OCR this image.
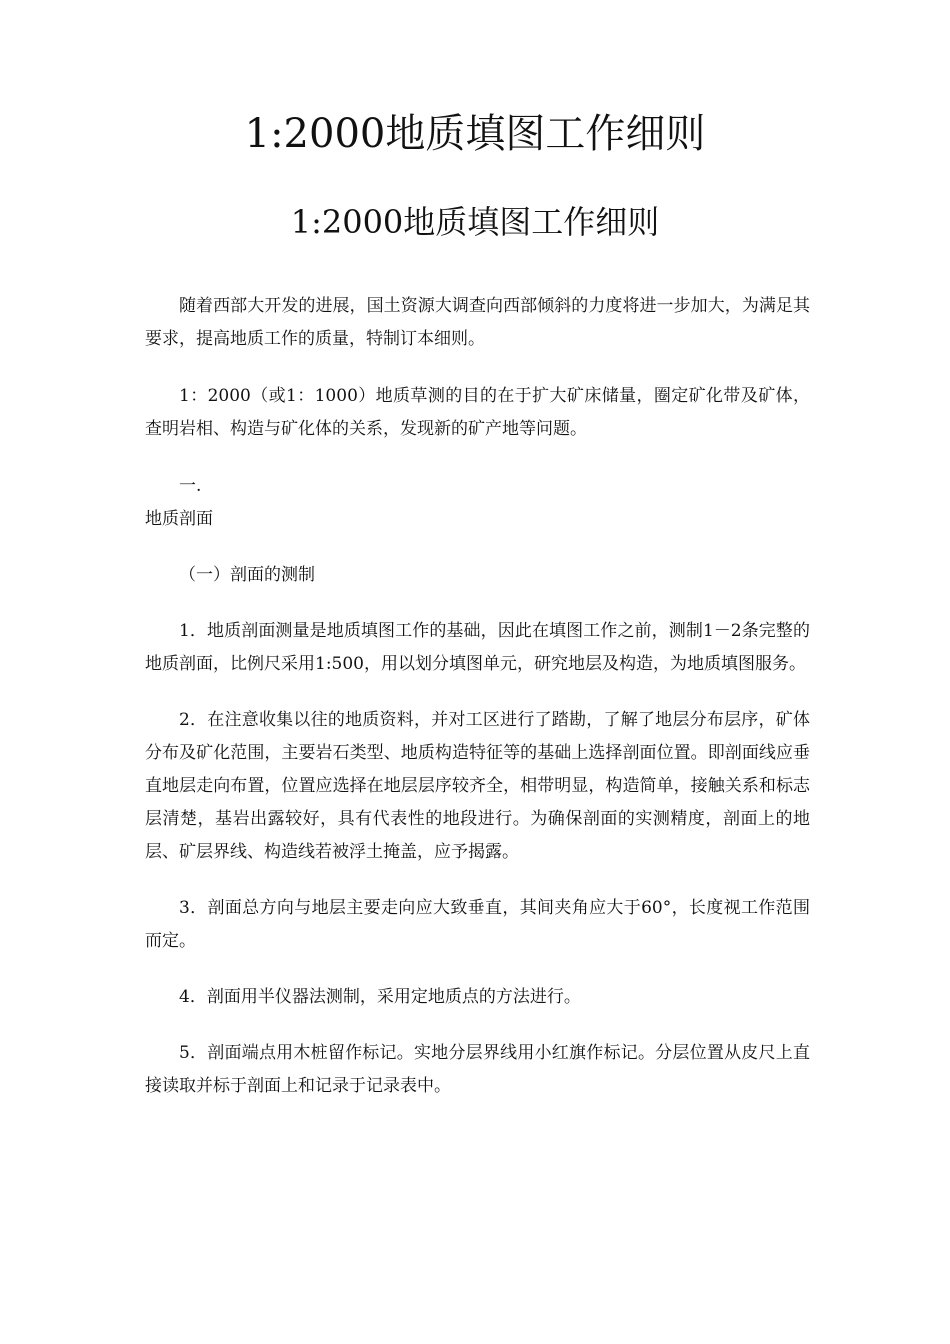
1:2000地质填图工作细则
1:2000地质填图工作细则

随着西部大开发的进展，国土资源大调查向西部倾斜的力度将进一步加大，为满足其要求，提高地质工作的质量，特制订本细则。

1：2000（或1：1000）地质草测的目的在于扩大矿床储量，圈定矿化带及矿体，查明岩相、构造与矿化体的关系，发现新的矿产地等问题。

一.

地质剖面

（一）剖面的测制

1．地质剖面测量是地质填图工作的基础，因此在填图工作之前，测制1－2条完整的地质剖面，比例尺采用1:500，用以划分填图单元，研究地层及构造，为地质填图服务。

2．在注意收集以往的地质资料，并对工区进行了踏勘，了解了地层分布层序，矿体分布及矿化范围，主要岩石类型、地质构造特征等的基础上选择剖面位置。即剖面线应垂直地层走向布置，位置应选择在地层层序较齐全，相带明显，构造简单，接触关系和标志层清楚，基岩出露较好，具有代表性的地段进行。为确保剖面的实测精度，剖面上的地层、矿层界线、构造线若被浮土掩盖，应予揭露。

3．剖面总方向与地层主要走向应大致垂直，其间夹角应大于60°，长度视工作范围而定。

4．剖面用半仪器法测制，采用定地质点的方法进行。

5．剖面端点用木桩留作标记。实地分层界线用小红旗作标记。分层位置从皮尺上直接读取并标于剖面上和记录于记录表中。
